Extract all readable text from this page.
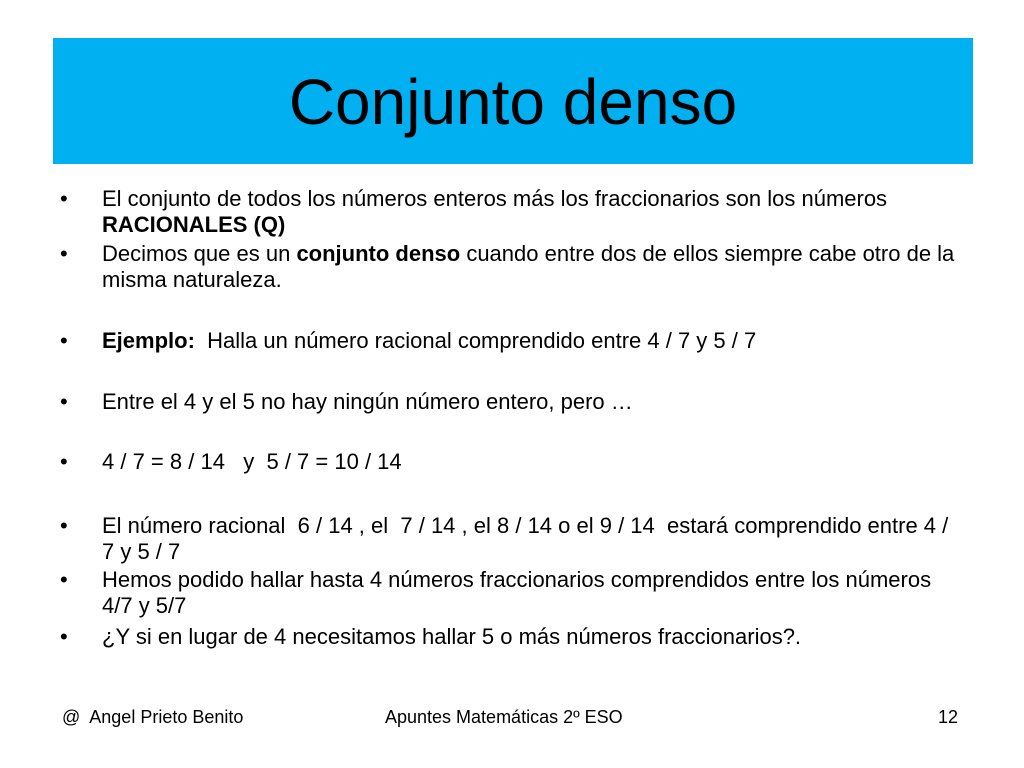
Conjunto denso
•	El conjunto de todos los números enteros más los fraccionarios son los números RACIONALES (Q)
•	Decimos que es un conjunto denso cuando entre dos de ellos siempre cabe otro de la misma naturaleza.
•	Ejemplo:  Halla un número racional comprendido entre 4 / 7 y 5 / 7
•	Entre el 4 y el 5 no hay ningún número entero, pero …
•	4 / 7 = 8 / 14   y  5 / 7 = 10 / 14
•	El número racional  6 / 14 , el  7 / 14 , el 8 / 14 o el 9 / 14  estará comprendido entre 4 / 7 y 5 / 7
•	Hemos podido hallar hasta 4 números fraccionarios comprendidos entre los números 4/7 y 5/7
•	¿Y si en lugar de 4 necesitamos hallar 5 o más números fraccionarios?.
@  Angel Prieto Benito	Apuntes Matemáticas 2º ESO	12
